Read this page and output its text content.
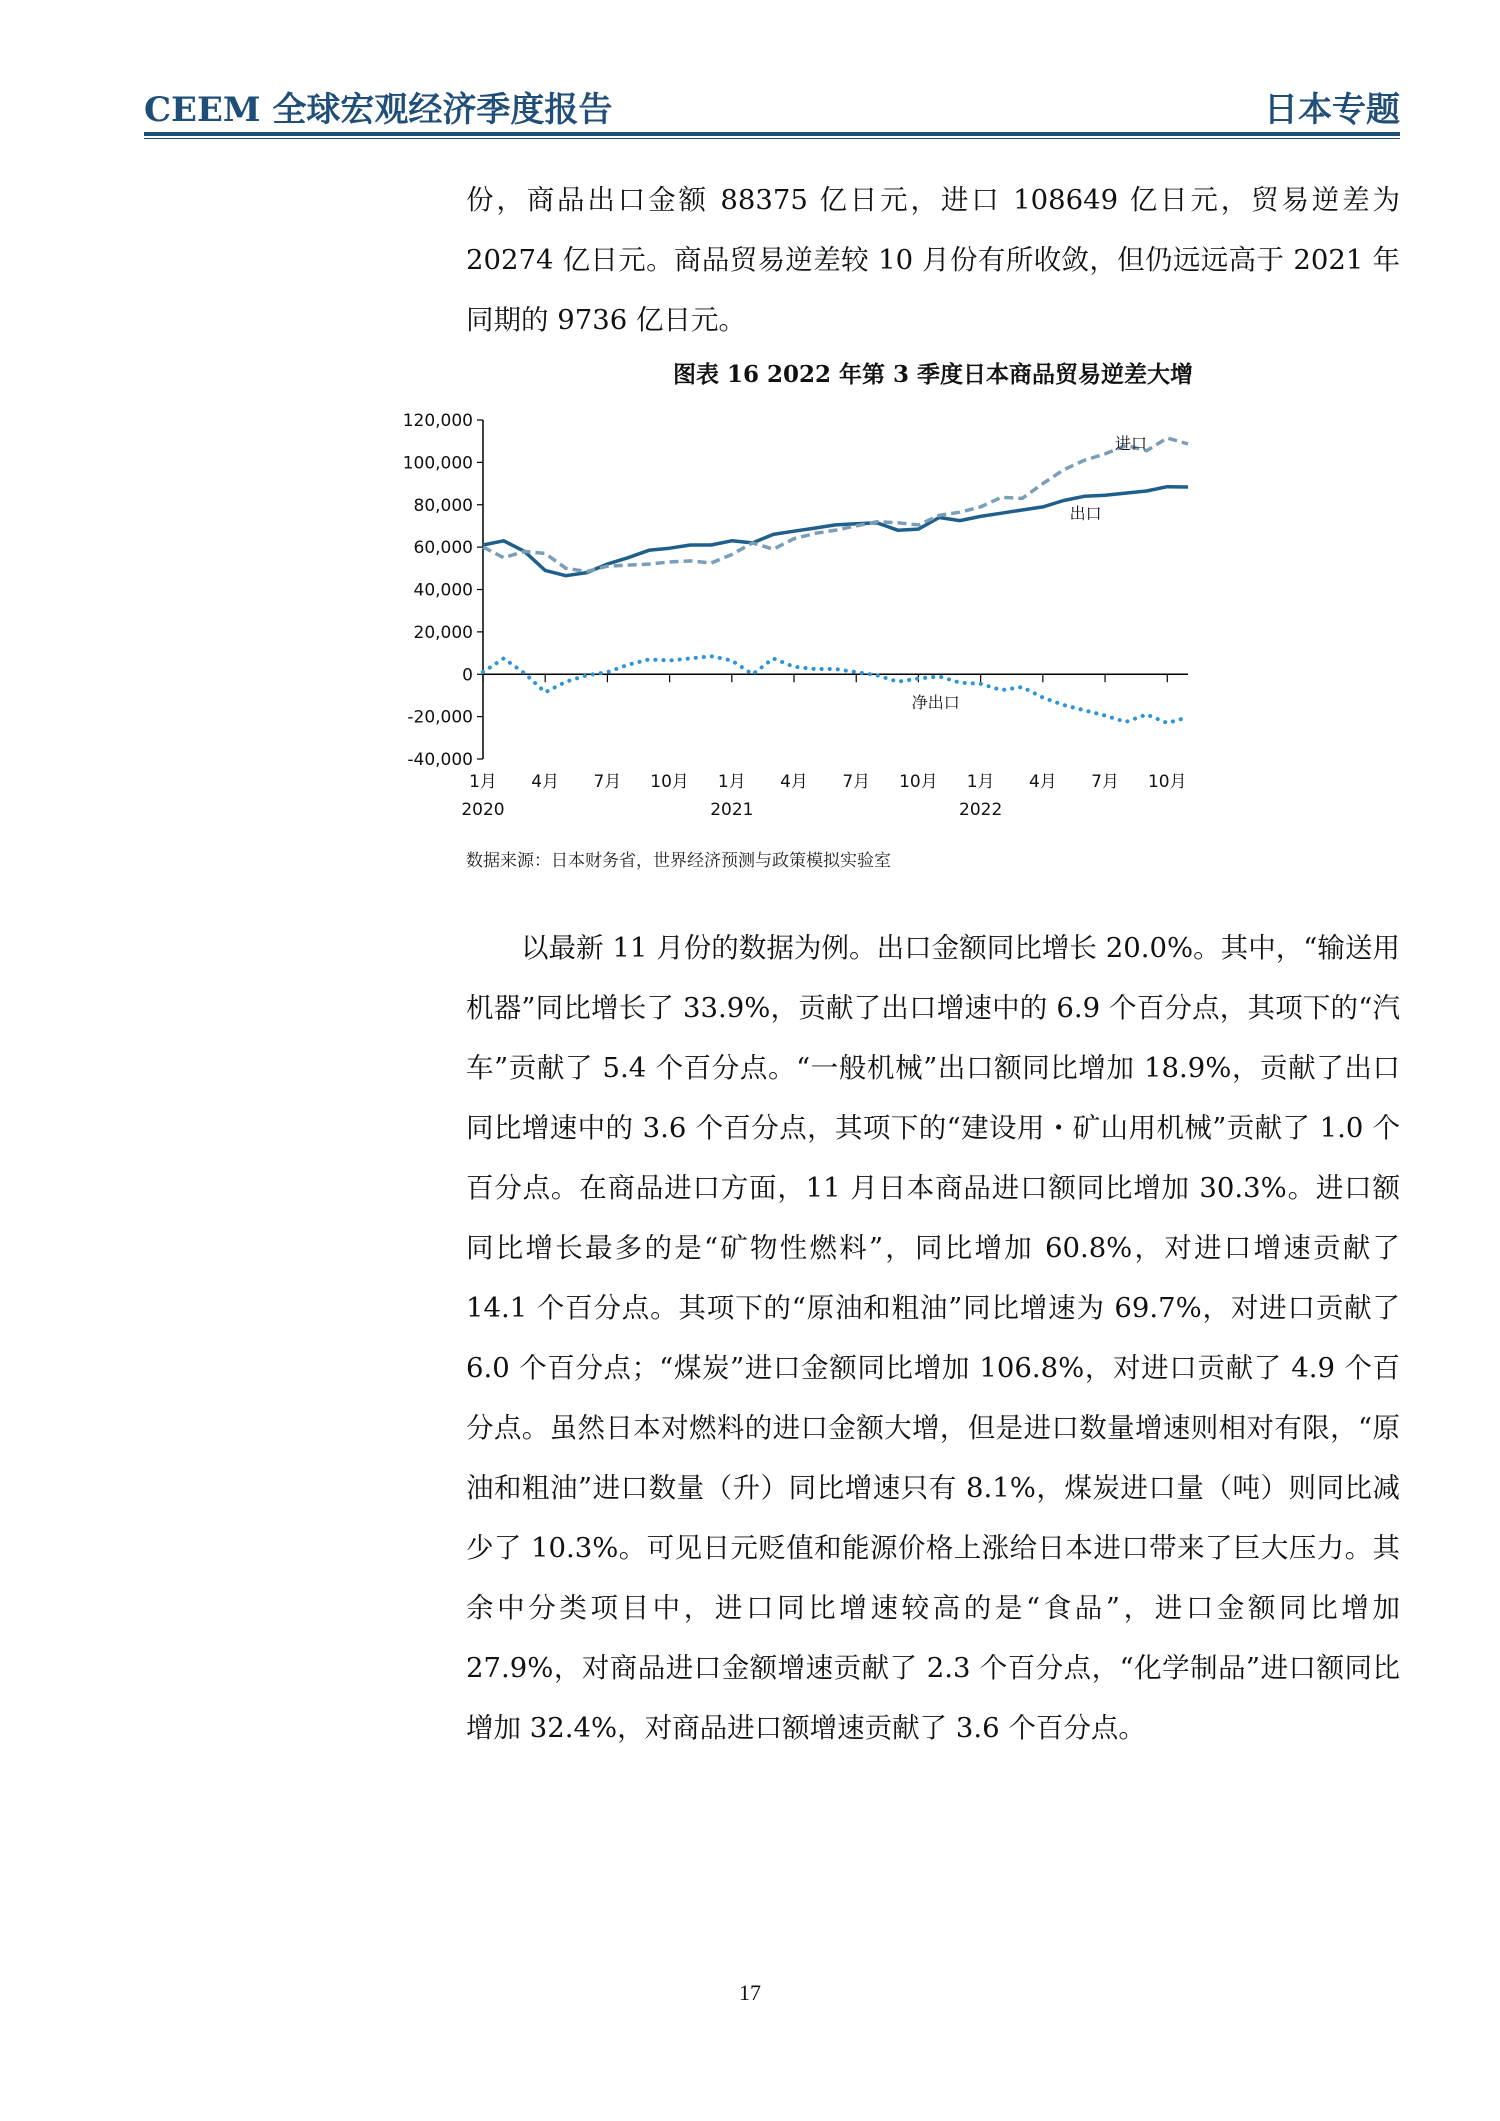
CEEM 全球宏观经济季度报告	日本专题
份，商品出口金额 88375 亿日元，进口 108649 亿日元，贸易逆差为 20274 亿日元。商品贸易逆差较 10 月份有所收敛，但仍远远高于 2021 年同期的 9736 亿日元。
图表 16 2022 年第 3 季度日本商品贸易逆差大增
120,000
100,000
80,000
60,000
40,000
20,000
0
-20,000
-40,000
1月 4月 7月 10月 1月 4月 7月 10月 1月 4月 7月 10月
2020	2021	2022
进口
出口
净出口
数据来源：日本财务省，世界经济预测与政策模拟实验室
以最新 11 月份的数据为例。出口金额同比增长 20.0%。其中，“输送用机器”同比增长了 33.9%，贡献了出口增速中的 6.9 个百分点，其项下的“汽车”贡献了 5.4 个百分点。“一般机械”出口额同比增加 18.9%，贡献了出口同比增速中的 3.6 个百分点，其项下的“建设用・矿山用机械”贡献了 1.0 个百分点。在商品进口方面，11 月日本商品进口额同比增加 30.3%。进口额同比增长最多的是“矿物性燃料”，同比增加 60.8%，对进口增速贡献了 14.1 个百分点。其项下的“原油和粗油”同比增速为 69.7%，对进口贡献了 6.0 个百分点；“煤炭”进口金额同比增加 106.8%，对进口贡献了 4.9 个百分点。虽然日本对燃料的进口金额大增，但是进口数量增速则相对有限，“原油和粗油”进口数量（升）同比增速只有 8.1%，煤炭进口量（吨）则同比减少了 10.3%。可见日元贬值和能源价格上涨给日本进口带来了巨大压力。其余中分类项目中，进口同比增速较高的是“食品”，进口金额同比增加 27.9%，对商品进口金额增速贡献了 2.3 个百分点，“化学制品”进口额同比增加 32.4%，对商品进口额增速贡献了 3.6 个百分点。
17
